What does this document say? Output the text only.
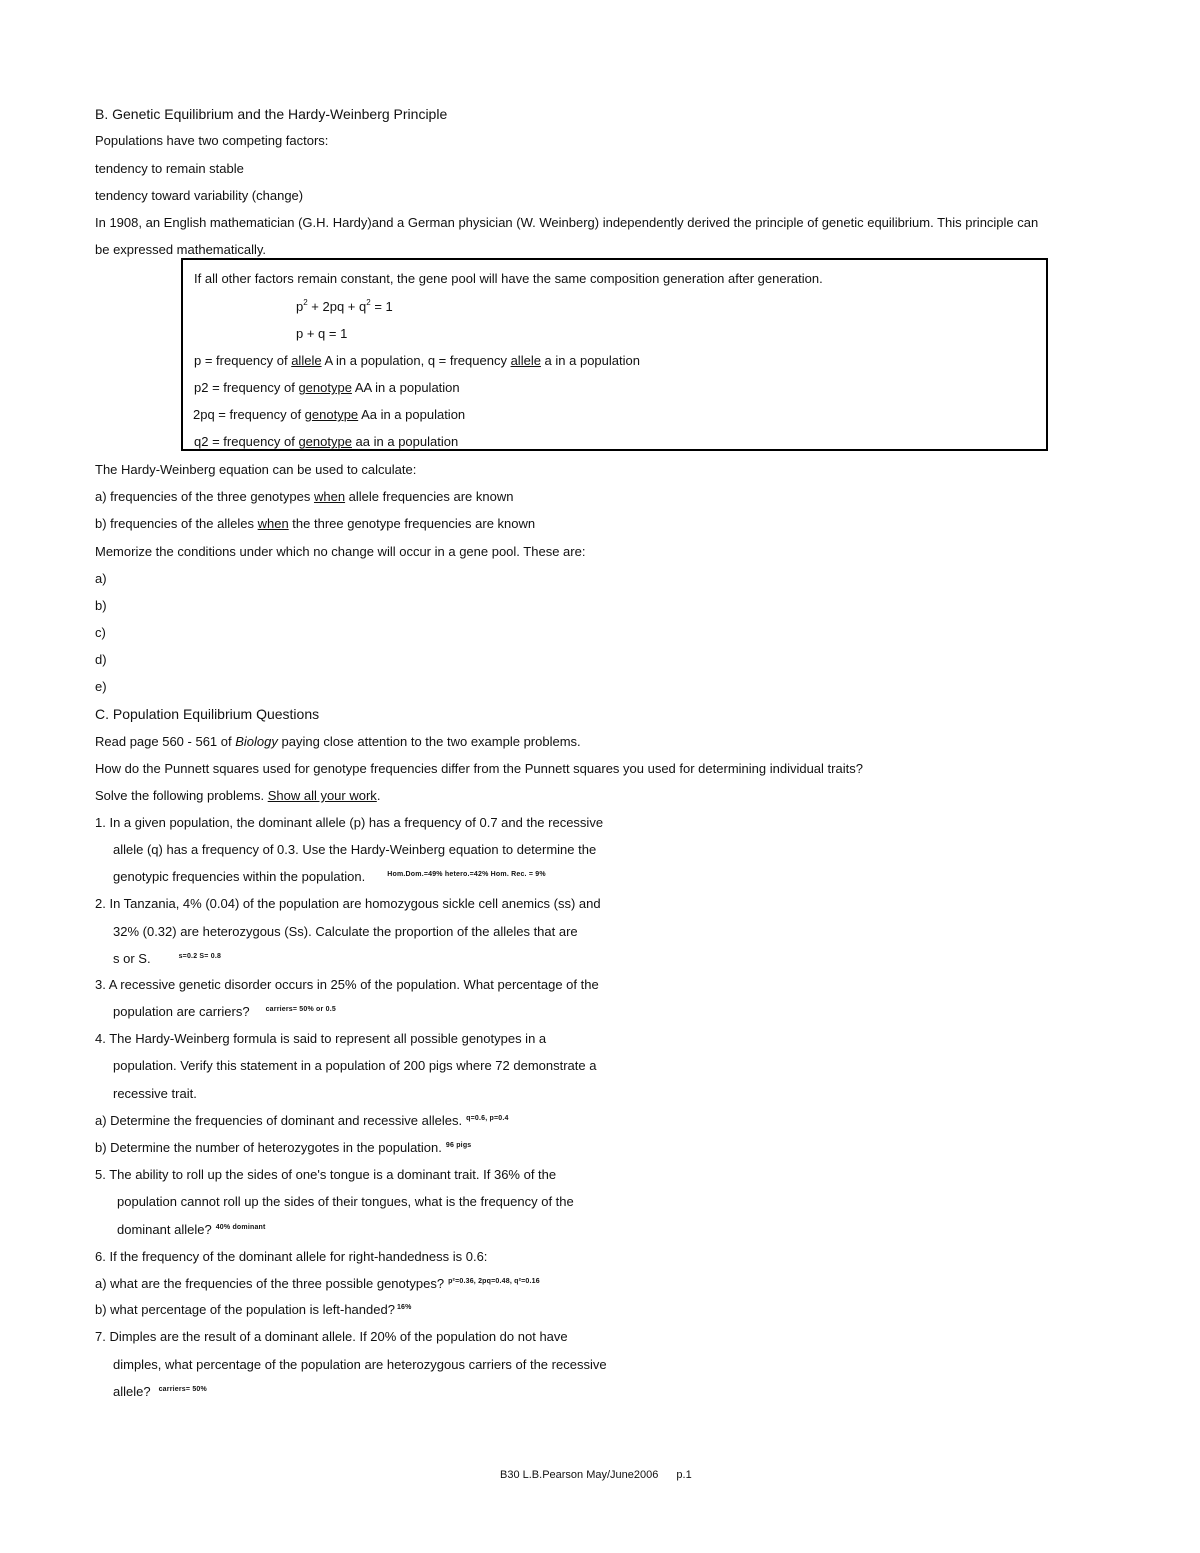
B. Genetic Equilibrium and the Hardy-Weinberg Principle
Populations have two competing factors:
tendency to remain stable
tendency toward variability (change)
In 1908, an English mathematician (G.H. Hardy)and a German physician (W. Weinberg) independently derived the principle of genetic equilibrium. This principle can
be expressed mathematically.
If all other factors remain constant, the gene pool will have the same composition generation after generation.
$p^2 + 2pq + q^2 = 1$
p + q = 1
p = frequency of allele A in a population, q = frequency allele a in a population
p2 = frequency of genotype AA in a population
2pq = frequency of genotype Aa in a population
q2 = frequency of genotype aa in a population
The Hardy-Weinberg equation can be used to calculate:
a) frequencies of the three genotypes when allele frequencies are known
b) frequencies of the alleles when the three genotype frequencies are known
Memorize the conditions under which no change will occur in a gene pool. These are:
a)
b)
c)
d)
e)
C. Population Equilibrium Questions
Read page 560 - 561 of Biology paying close attention to the two example problems.
How do the Punnett squares used for genotype frequencies differ from the Punnett squares you used for determining individual traits?
Solve the following problems. Show all your work.
1. In a given population, the dominant allele (p) has a frequency of 0.7 and the recessive
allele (q) has a frequency of 0.3. Use the Hardy-Weinberg equation to determine the
genotypic frequencies within the population.	$^{Hom.Dom.=49\% hetero.=42\% Hom. Rec. = 9\%}$
2. In Tanzania, 4% (0.04) of the population are homozygous sickle cell anemics (ss) and
32% (0.32) are heterozygous (Ss). Calculate the proportion of the alleles that are
s or S.	$^{s=0.2 S= 0.8}$
3. A recessive genetic disorder occurs in 25% of the population. What percentage of the
population are carriers? $^{carriers= 50\% or 0.5}$
4. The Hardy-Weinberg formula is said to represent all possible genotypes in a
population. Verify this statement in a population of 200 pigs where 72 demonstrate a
recessive trait.
a) Determine the frequencies of dominant and recessive alleles. $^{q=0.6, p=0.4}$
b) Determine the number of heterozygotes in the population. $^{96 pigs}$
5. The ability to roll up the sides of one's tongue is a dominant trait. If 36% of the
population cannot roll up the sides of their tongues, what is the frequency of the
dominant allele? $^{40\% dominant}$
6. If the frequency of the dominant allele for right-handedness is 0.6:
a) what are the frequencies of the three possible genotypes? $^{p^2=0.36, 2pq=0.48, q^2=0.16}$
b) what percentage of the population is left-handed? $^{16\%}$
7. Dimples are the result of a dominant allele. If 20% of the population do not have
dimples, what percentage of the population are heterozygous carriers of the recessive
allele? $^{carriers= 50\%}$
B30 L.B.Pearson May/June2006 p.1
